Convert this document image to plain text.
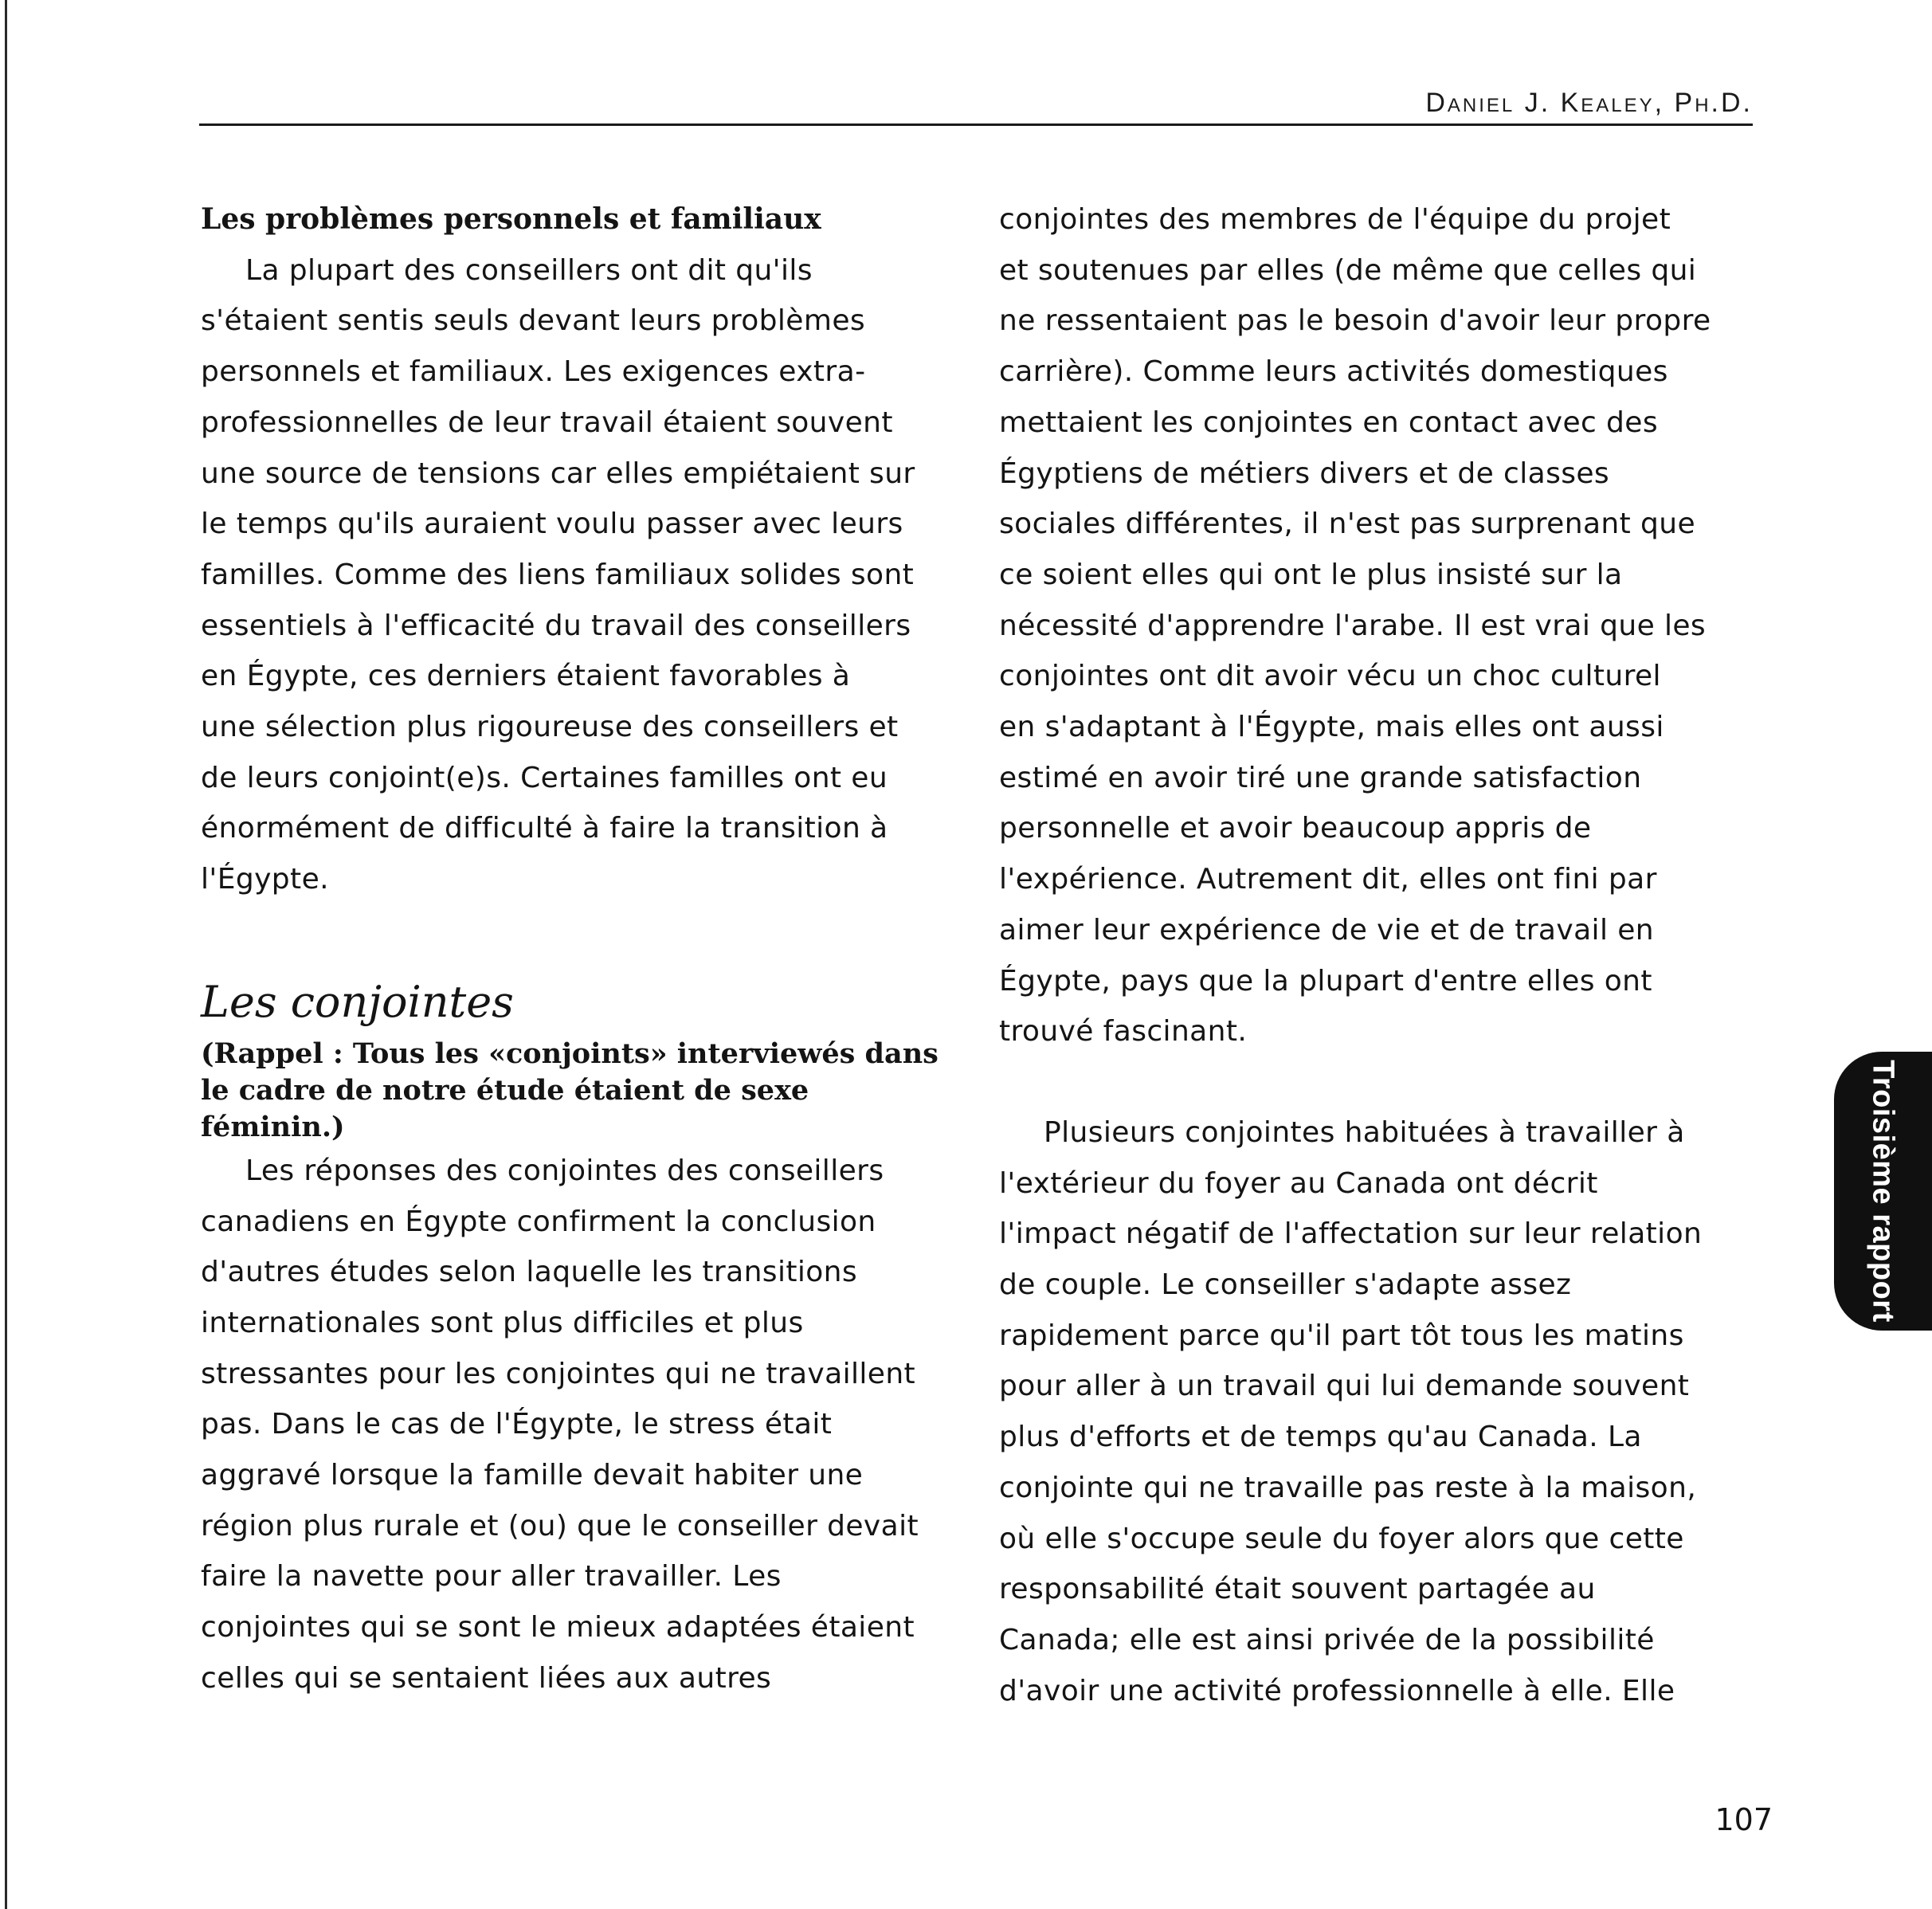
Daniel J. Kealey, Ph.D.
Les problèmes personnels et familiaux
La plupart des conseillers ont dit qu'ils
s'étaient sentis seuls devant leurs problèmes
personnels et familiaux. Les exigences extra-
professionnelles de leur travail étaient souvent
une source de tensions car elles empiétaient sur
le temps qu'ils auraient voulu passer avec leurs
familles. Comme des liens familiaux solides sont
essentiels à l'efficacité du travail des conseillers
en Égypte, ces derniers étaient favorables à
une sélection plus rigoureuse des conseillers et
de leurs conjoint(e)s. Certaines familles ont eu
énormément de difficulté à faire la transition à
l'Égypte.
Les conjointes
(Rappel : Tous les «conjoints» interviewés dans
le cadre de notre étude étaient de sexe
féminin.)
Les réponses des conjointes des conseillers
canadiens en Égypte confirment la conclusion
d'autres études selon laquelle les transitions
internationales sont plus difficiles et plus
stressantes pour les conjointes qui ne travaillent
pas. Dans le cas de l'Égypte, le stress était
aggravé lorsque la famille devait habiter une
région plus rurale et (ou) que le conseiller devait
faire la navette pour aller travailler. Les
conjointes qui se sont le mieux adaptées étaient
celles qui se sentaient liées aux autres
conjointes des membres de l'équipe du projet
et soutenues par elles (de même que celles qui
ne ressentaient pas le besoin d'avoir leur propre
carrière). Comme leurs activités domestiques
mettaient les conjointes en contact avec des
Égyptiens de métiers divers et de classes
sociales différentes, il n'est pas surprenant que
ce soient elles qui ont le plus insisté sur la
nécessité d'apprendre l'arabe. Il est vrai que les
conjointes ont dit avoir vécu un choc culturel
en s'adaptant à l'Égypte, mais elles ont aussi
estimé en avoir tiré une grande satisfaction
personnelle et avoir beaucoup appris de
l'expérience. Autrement dit, elles ont fini par
aimer leur expérience de vie et de travail en
Égypte, pays que la plupart d'entre elles ont
trouvé fascinant.
Plusieurs conjointes habituées à travailler à
l'extérieur du foyer au Canada ont décrit
l'impact négatif de l'affectation sur leur relation
de couple. Le conseiller s'adapte assez
rapidement parce qu'il part tôt tous les matins
pour aller à un travail qui lui demande souvent
plus d'efforts et de temps qu'au Canada. La
conjointe qui ne travaille pas reste à la maison,
où elle s'occupe seule du foyer alors que cette
responsabilité était souvent partagée au
Canada; elle est ainsi privée de la possibilité
d'avoir une activité professionnelle à elle. Elle
Troisième rapport
107
